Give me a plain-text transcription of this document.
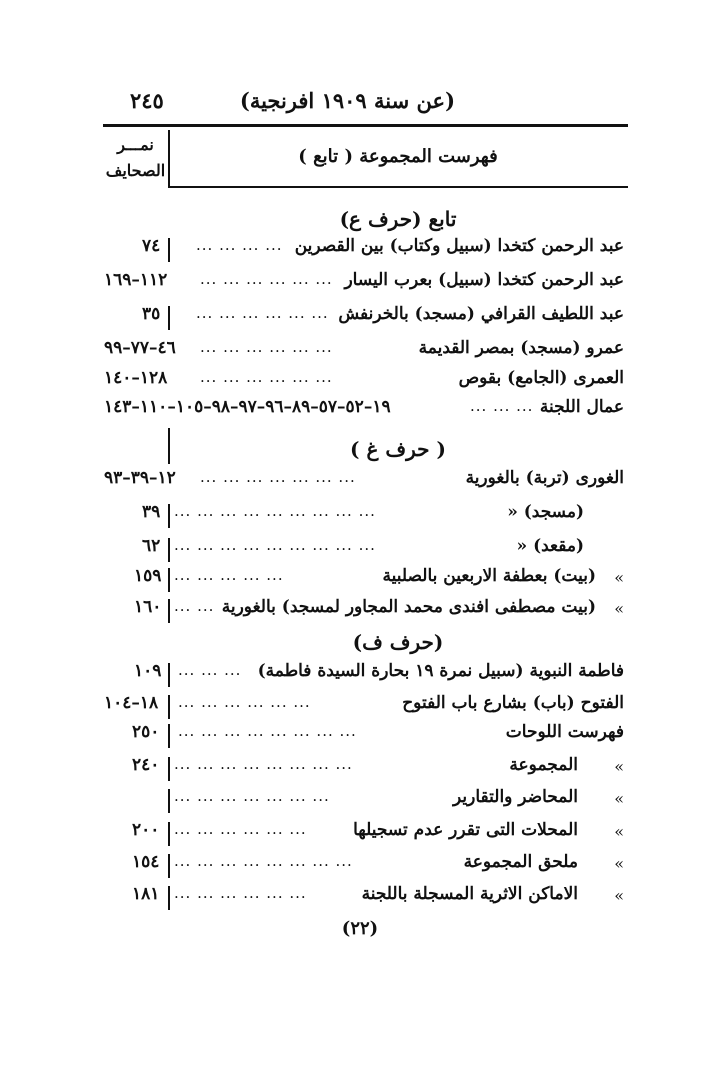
(عن سنة ١٩٠٩ افرنجية)
٢٤٥
نمـــر
الصحايف
( تابع ) فهرست المجموعة
تابع (حرف ع)
عبد الرحمن كتخدا (سبيل وكتاب) بين القصرين
... ... ... ...
٧٤
عبد الرحمن كتخدا (سبيل) بعرب اليسار
... ... ... ... ... ...
١١٢–١٦٩
عبد اللطيف القرافي (مسجد) بالخرنفش
... ... ... ... ... ...
٣٥
عمرو (مسجد) بمصر القديمة
... ... ... ... ... ...
٤٦–٧٧–٩٩
العمرى (الجامع) بقوص
... ... ... ... ... ...
١٢٨–١٤٠
عمال اللجنة
... ... ...
١٩–٥٢–٥٧–٨٩–٩٦–٩٧–٩٨–١٠٥–١١٠–١٤٣
( حرف غ )
الغورى (تربة) بالغورية
... ... ... ... ... ... ...
١٢–٣٩–٩٣
(مسجد) «
... ... ... ... ... ... ... ... ...
٣٩
(مقعد) «
... ... ... ... ... ... ... ... ...
٦٢
«
(بيت) بعطفة الاربعين بالصلبية
... ... ... ... ...
١٥٩
«
(بيت مصطفى افندى محمد المجاور لمسجد) بالغورية
... ...
١٦٠
(حرف ف)
فاطمة النبوية (سبيل نمرة ١٩ بحارة السيدة فاطمة)
... ... ...
١٠٩
الفتوح (باب) بشارع باب الفتوح
... ... ... ... ... ...
١٨–١٠٤
فهرست اللوحات
... ... ... ... ... ... ... ...
٢٥٠
«
المجموعة
... ... ... ... ... ... ... ...
٢٤٠
«
المحاضر والتقارير
... ... ... ... ... ... ...
«
المحلات التى تقرر عدم تسجيلها
... ... ... ... ... ...
٢٠٠
«
ملحق المجموعة
... ... ... ... ... ... ... ...
١٥٤
«
الاماكن الاثرية المسجلة باللجنة
... ... ... ... ... ...
١٨١
(٢٢)
